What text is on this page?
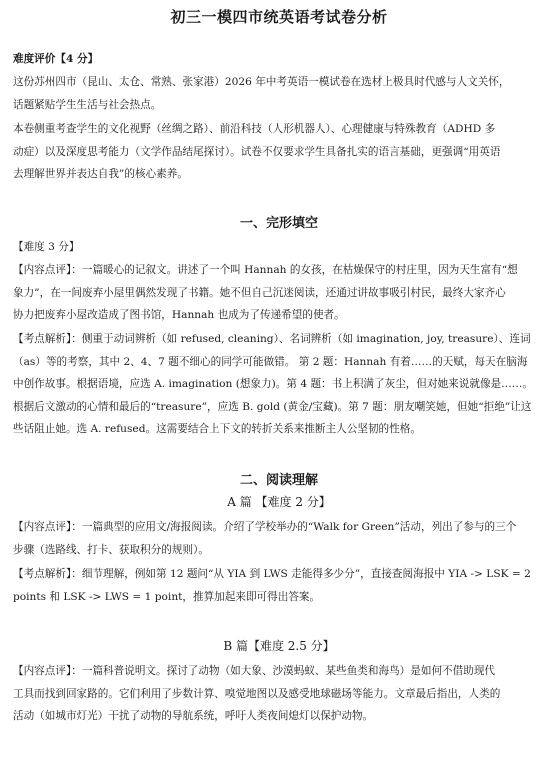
初三一模四市统英语考试卷分析
难度评价【4 分】
这份苏州四市（昆山、太仓、常熟、张家港）2026 年中考英语一模试卷在选材上极具时代感与人文关怀，
话题紧贴学生生活与社会热点。
本卷侧重考查学生的文化视野（丝绸之路）、前沿科技（人形机器人）、心理健康与特殊教育（ADHD 多
动症）以及深度思考能力（文学作品结尾探讨）。试卷不仅要求学生具备扎实的语言基础，更强调“用英语
去理解世界并表达自我”的核心素养。
一、完形填空
【难度 3 分】
【内容点评】：一篇暖心的记叙文。讲述了一个叫 Hannah 的女孩，在枯燥保守的村庄里，因为天生富有“想
象力”，在一间废弃小屋里偶然发现了书籍。她不但自己沉迷阅读，还通过讲故事吸引村民，最终大家齐心
协力把废弃小屋改造成了图书馆，Hannah 也成为了传递希望的使者。
【考点解析】：侧重于动词辨析（如 refused, cleaning）、名词辨析（如 imagination, joy, treasure）、连词
（as）等的考察，其中 2、4、7 题不细心的同学可能做错。 第 2 题：Hannah 有着……的天赋，每天在脑海
中创作故事。根据语境，应选 A. imagination (想象力)。第 4 题：书上积满了灰尘，但对她来说就像是……。
根据后文激动的心情和最后的“treasure”，应选 B. gold (黄金/宝藏)。第 7 题：朋友嘲笑她，但她“拒绝”让这
些话阻止她。选 A. refused。这需要结合上下文的转折关系来推断主人公坚韧的性格。
二、阅读理解
A 篇 【难度 2 分】
【内容点评】：一篇典型的应用文/海报阅读。介绍了学校举办的“Walk for Green”活动，列出了参与的三个
步骤（选路线、打卡、获取积分的规则）。
【考点解析】：细节理解，例如第 12 题问“从 YIA 到 LWS 走能得多少分”，直接查阅海报中 YIA -> LSK = 2
points 和 LSK -> LWS = 1 point，推算加起来即可得出答案。
B 篇【难度 2.5 分】
【内容点评】：一篇科普说明文。探讨了动物（如大象、沙漠蚂蚁、某些鱼类和海鸟）是如何不借助现代
工具而找到回家路的。它们利用了步数计算、嗅觉地图以及感受地球磁场等能力。文章最后指出，人类的
活动（如城市灯光）干扰了动物的导航系统，呼吁人类夜间熄灯以保护动物。
